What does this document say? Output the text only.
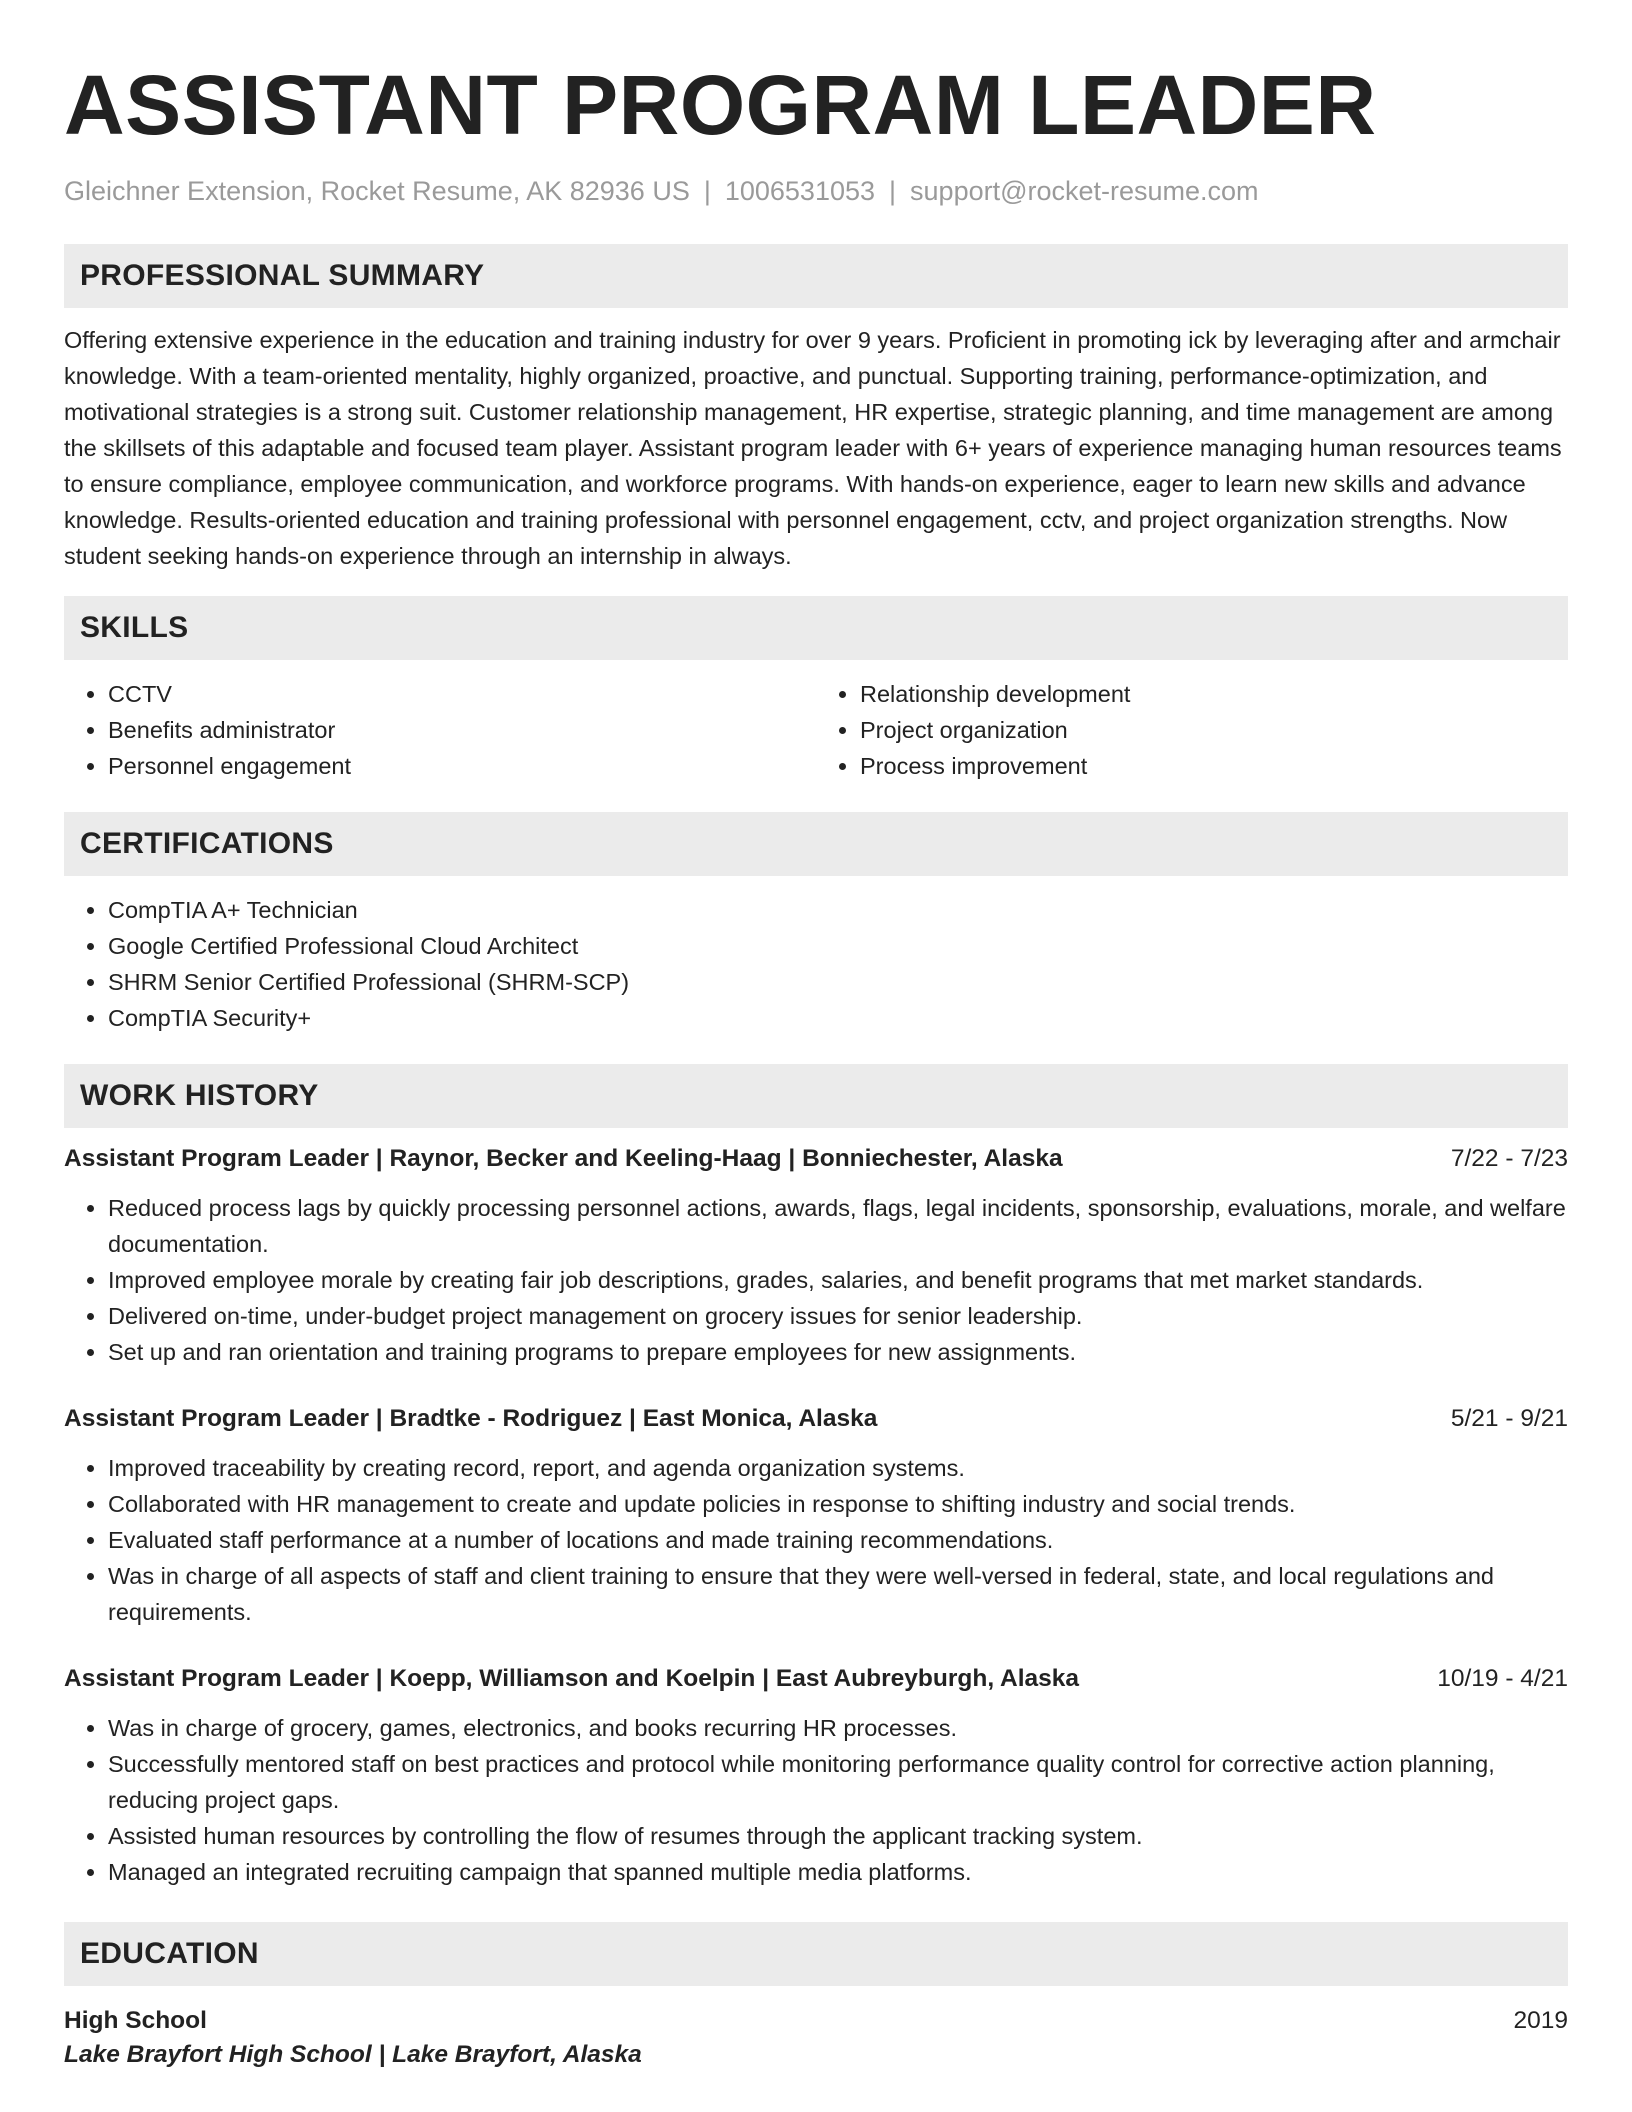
ASSISTANT PROGRAM LEADER
Gleichner Extension, Rocket Resume, AK 82936 US | 1006531053 | support@rocket-resume.com
PROFESSIONAL SUMMARY

Offering extensive experience in the education and training industry for over 9 years. Proficient in promoting ick by leveraging after and armchair knowledge. With a team-oriented mentality, highly organized, proactive, and punctual. Supporting training, performance-optimization, and motivational strategies is a strong suit. Customer relationship management, HR expertise, strategic planning, and time management are among the skillsets of this adaptable and focused team player. Assistant program leader with 6+ years of experience managing human resources teams to ensure compliance, employee communication, and workforce programs. With hands-on experience, eager to learn new skills and advance knowledge. Results-oriented education and training professional with personnel engagement, cctv, and project organization strengths. Now student seeking hands-on experience through an internship in always.

SKILLS
• CCTV
• Benefits administrator
• Personnel engagement
• Relationship development
• Project organization
• Process improvement
CERTIFICATIONS
• CompTIA A+ Technician
• Google Certified Professional Cloud Architect
• SHRM Senior Certified Professional (SHRM-SCP)
• CompTIA Security+
WORK HISTORY
Assistant Program Leader | Raynor, Becker and Keeling-Haag | Bonniechester, Alaska	7/22 - 7/23
• Reduced process lags by quickly processing personnel actions, awards, flags, legal incidents, sponsorship, evaluations, morale, and welfare documentation.
• Improved employee morale by creating fair job descriptions, grades, salaries, and benefit programs that met market standards.
• Delivered on-time, under-budget project management on grocery issues for senior leadership.
• Set up and ran orientation and training programs to prepare employees for new assignments.
Assistant Program Leader | Bradtke - Rodriguez | East Monica, Alaska	5/21 - 9/21
• Improved traceability by creating record, report, and agenda organization systems.
• Collaborated with HR management to create and update policies in response to shifting industry and social trends.
• Evaluated staff performance at a number of locations and made training recommendations.
• Was in charge of all aspects of staff and client training to ensure that they were well-versed in federal, state, and local regulations and requirements.
Assistant Program Leader | Koepp, Williamson and Koelpin | East Aubreyburgh, Alaska	10/19 - 4/21
• Was in charge of grocery, games, electronics, and books recurring HR processes.
• Successfully mentored staff on best practices and protocol while monitoring performance quality control for corrective action planning, reducing project gaps.
• Assisted human resources by controlling the flow of resumes through the applicant tracking system.
• Managed an integrated recruiting campaign that spanned multiple media platforms.
EDUCATION
High School	2019
Lake Brayfort High School | Lake Brayfort, Alaska
